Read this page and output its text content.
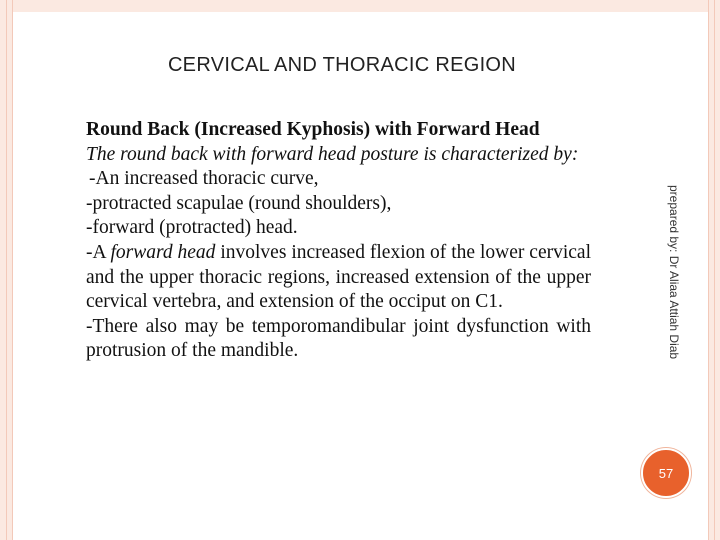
CERVICAL AND THORACIC REGION

Round Back (Increased Kyphosis) with Forward Head

The round back with forward head posture is characterized by:

-An increased thoracic curve,

-protracted scapulae (round shoulders),

-forward (protracted) head.

-A forward head involves increased flexion of the lower cervical and the upper thoracic regions, increased extension of the upper cervical vertebra, and extension of the occiput on C1.

-There also may be temporomandibular joint dysfunction with protrusion of the mandible.	prepared by: Dr Aliaa Attiah Diab
57
